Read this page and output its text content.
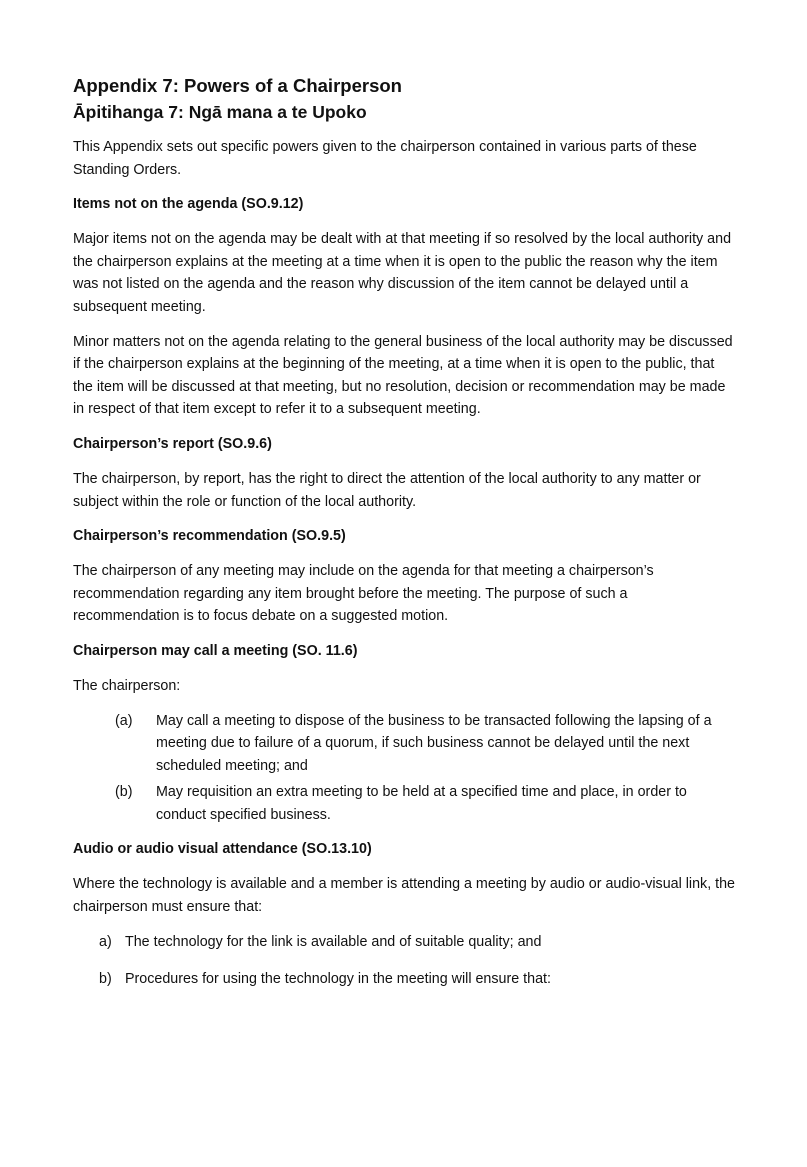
Appendix 7: Powers of a Chairperson
Āpitihanga 7: Ngā mana a te Upoko

This Appendix sets out specific powers given to the chairperson contained in various parts of these Standing Orders.

Items not on the agenda (SO.9.12)

Major items not on the agenda may be dealt with at that meeting if so resolved by the local authority and the chairperson explains at the meeting at a time when it is open to the public the reason why the item was not listed on the agenda and the reason why discussion of the item cannot be delayed until a subsequent meeting.

Minor matters not on the agenda relating to the general business of the local authority may be discussed if the chairperson explains at the beginning of the meeting, at a time when it is open to the public, that the item will be discussed at that meeting, but no resolution, decision or recommendation may be made in respect of that item except to refer it to a subsequent meeting.

Chairperson’s report (SO.9.6)

The chairperson, by report, has the right to direct the attention of the local authority to any matter or subject within the role or function of the local authority.

Chairperson’s recommendation (SO.9.5)

The chairperson of any meeting may include on the agenda for that meeting a chairperson’s recommendation regarding any item brought before the meeting. The purpose of such a recommendation is to focus debate on a suggested motion.

Chairperson may call a meeting (SO. 11.6)

The chairperson:

(a)	May call a meeting to dispose of the business to be transacted following the lapsing of a meeting due to failure of a quorum, if such business cannot be delayed until the next scheduled meeting; and
(b)	May requisition an extra meeting to be held at a specified time and place, in order to conduct specified business.
Audio or audio visual attendance (SO.13.10)

Where the technology is available and a member is attending a meeting by audio or audio-visual link, the chairperson must ensure that:

a) The technology for the link is available and of suitable quality; and
b) Procedures for using the technology in the meeting will ensure that:
